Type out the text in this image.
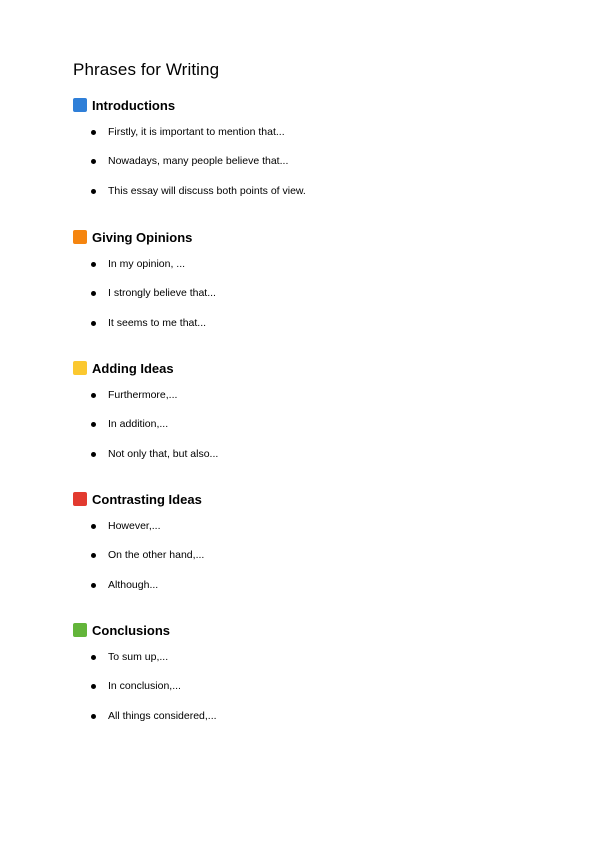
Phrases for Writing
Introductions
Firstly, it is important to mention that...
Nowadays, many people believe that...
This essay will discuss both points of view.
Giving Opinions
In my opinion, ...
I strongly believe that...
It seems to me that...
Adding Ideas
Furthermore,...
In addition,...
Not only that, but also...
Contrasting Ideas
However,...
On the other hand,...
Although...
Conclusions
To sum up,...
In conclusion,...
All things considered,...
